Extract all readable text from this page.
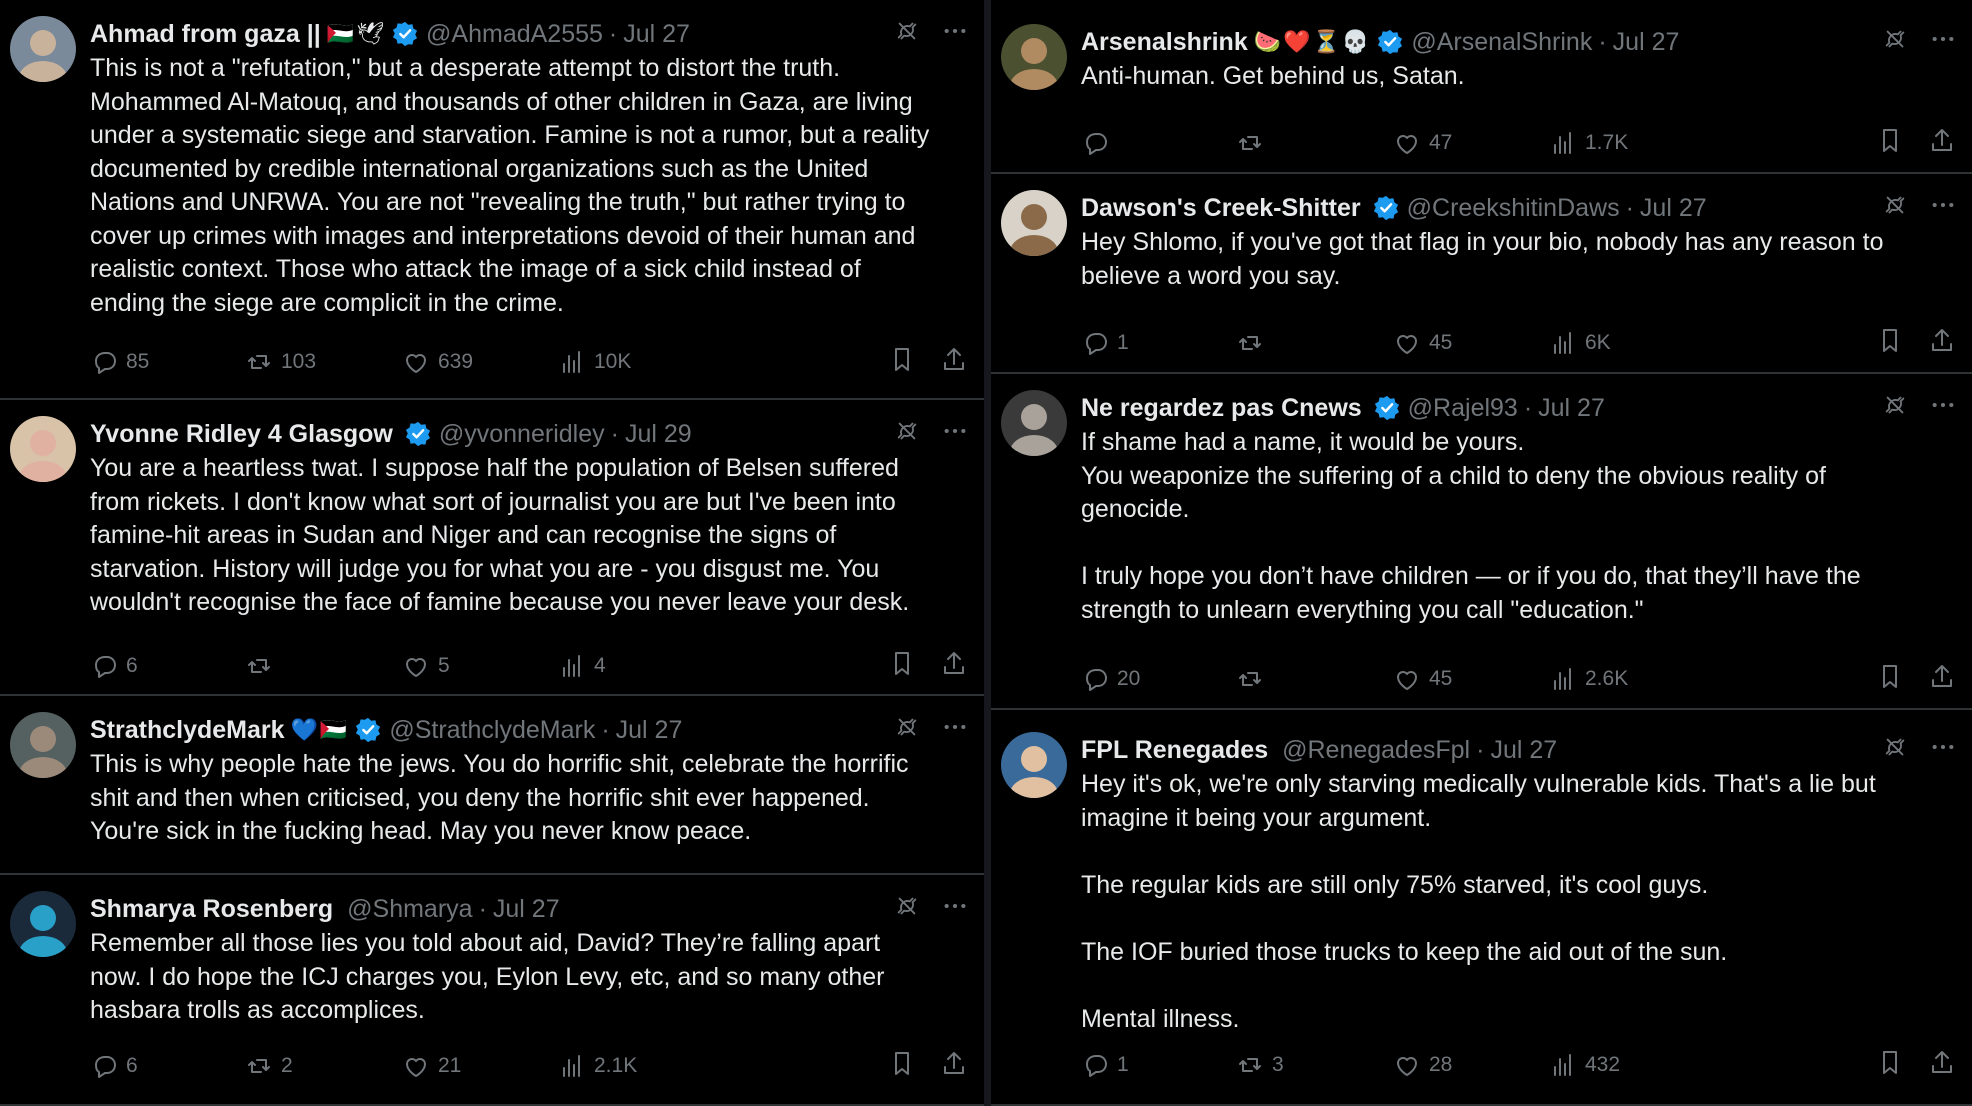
Ahmad from gaza || 🇵🇸🕊 @AhmadA2555 · Jul 27
This is not a "refutation," but a desperate attempt to distort the truth.
Mohammed Al-Matouq, and thousands of other children in Gaza, are living
under a systematic siege and starvation. Famine is not a rumor, but a reality
documented by credible international organizations such as the United
Nations and UNRWA. You are not "revealing the truth," but rather trying to
cover up crimes with images and interpretations devoid of their human and
realistic context. Those who attack the image of a sick child instead of
ending the siege are complicit in the crime.
85	103	639	10K
Yvonne Ridley 4 Glasgow @yvonneridley · Jul 29
You are a heartless twat. I suppose half the population of Belsen suffered
from rickets. I don't know what sort of journalist you are but I've been into
famine-hit areas in Sudan and Niger and can recognise the signs of
starvation. History will judge you for what you are - you disgust me. You
wouldn't recognise the face of famine because you never leave your desk.
6	5	4
StrathclydeMark 💙🇵🇸 @StrathclydeMark · Jul 27
This is why people hate the jews. You do horrific shit, celebrate the horrific
shit and then when criticised, you deny the horrific shit ever happened.
You're sick in the fucking head. May you never know peace.
Shmarya Rosenberg @Shmarya · Jul 27
Remember all those lies you told about aid, David? They’re falling apart
now. I do hope the ICJ charges you, Eylon Levy, etc, and so many other
hasbara trolls as accomplices.
6	2	21	2.1K
Arsenalshrink 🍉❤️⏳💀 @ArsenalShrink · Jul 27
Anti-human. Get behind us, Satan.
47	1.7K
Dawson's Creek-Shitter @CreekshitinDaws · Jul 27
Hey Shlomo, if you've got that flag in your bio, nobody has any reason to
believe a word you say.
1	45	6K
Ne regardez pas Cnews @Rajel93 · Jul 27
If shame had a name, it would be yours.
You weaponize the suffering of a child to deny the obvious reality of
genocide.

I truly hope you don’t have children — or if you do, that they’ll have the
strength to unlearn everything you call "education."
20	45	2.6K
FPL Renegades @RenegadesFpl · Jul 27
Hey it's ok, we're only starving medically vulnerable kids. That's a lie but
imagine it being your argument.

The regular kids are still only 75% starved, it's cool guys.

The IOF buried those trucks to keep the aid out of the sun.

Mental illness.
1	3	28	432
